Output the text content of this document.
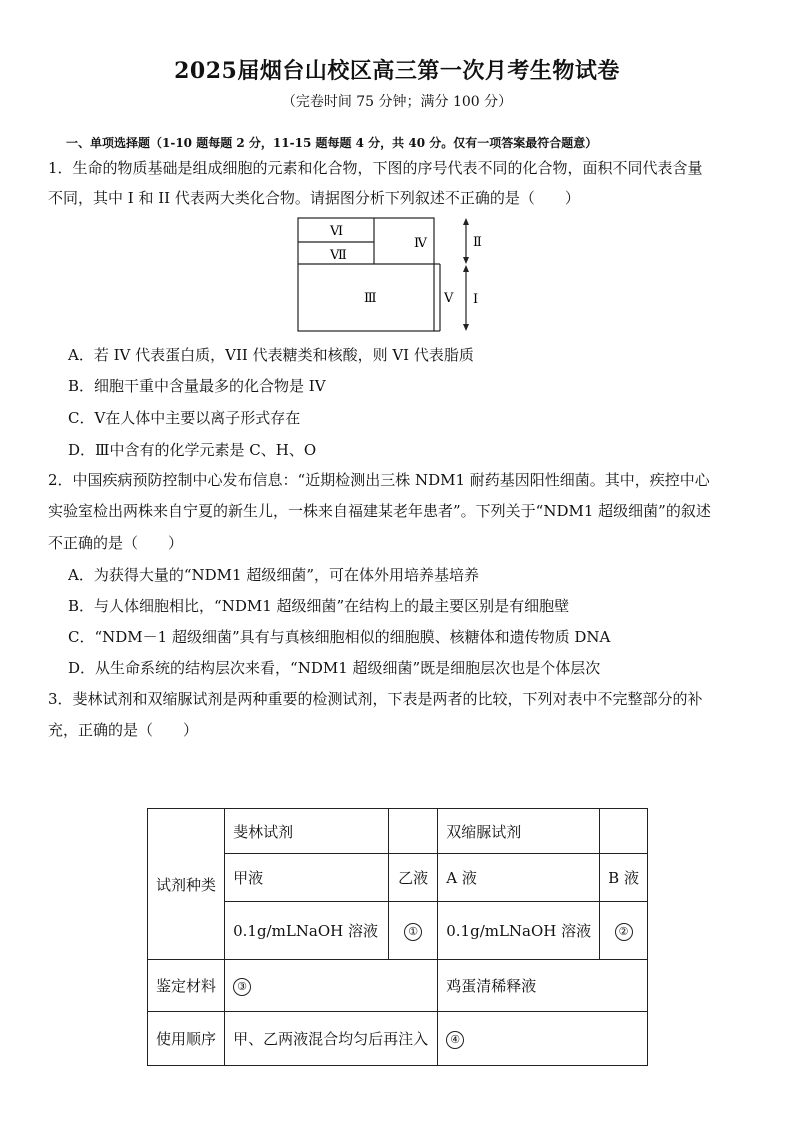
2025届烟台山校区高三第一次月考生物试卷
（完卷时间 75 分钟；满分 100 分）
一、单项选择题（1-10 题每题 2 分，11-15 题每题 4 分，共 40 分。仅有一项答案最符合题意）
1．生命的物质基础是组成细胞的元素和化合物，下图的序号代表不同的化合物，面积不同代表含量
不同，其中 I 和 II 代表两大类化合物。请据图分析下列叙述不正确的是（　　）
Ⅵ
Ⅶ
Ⅳ
Ⅲ	Ⅴ
Ⅱ
Ⅰ
A．若 IV 代表蛋白质，VII 代表糖类和核酸，则 VI 代表脂质
B．细胞干重中含量最多的化合物是 IV
C．Ⅴ在人体中主要以离子形式存在
D．Ⅲ中含有的化学元素是 C、H、O
2．中国疾病预防控制中心发布信息：“近期检测出三株 NDM1 耐药基因阳性细菌。其中，疾控中心
实验室检出两株来自宁夏的新生儿，一株来自福建某老年患者”。下列关于“NDM1 超级细菌”的叙述
不正确的是（　　）
A．为获得大量的“NDM1 超级细菌”，可在体外用培养基培养
B．与人体细胞相比，“NDM1 超级细菌”在结构上的最主要区别是有细胞壁
C．“NDM－1 超级细菌”具有与真核细胞相似的细胞膜、核糖体和遗传物质 DNA
D．从生命系统的结构层次来看，“NDM1 超级细菌”既是细胞层次也是个体层次
3．斐林试剂和双缩脲试剂是两种重要的检测试剂，下表是两者的比较，下列对表中不完整部分的补
充，正确的是（　　）
试剂种类	斐林试剂		双缩脲试剂	
	甲液	乙液	A 液	B 液
	0.1g/mLNaOH 溶液	①	0.1g/mLNaOH 溶液	②
鉴定材料	③		鸡蛋清稀释液	
使用顺序	甲、乙两液混合均匀后再注入		④	
